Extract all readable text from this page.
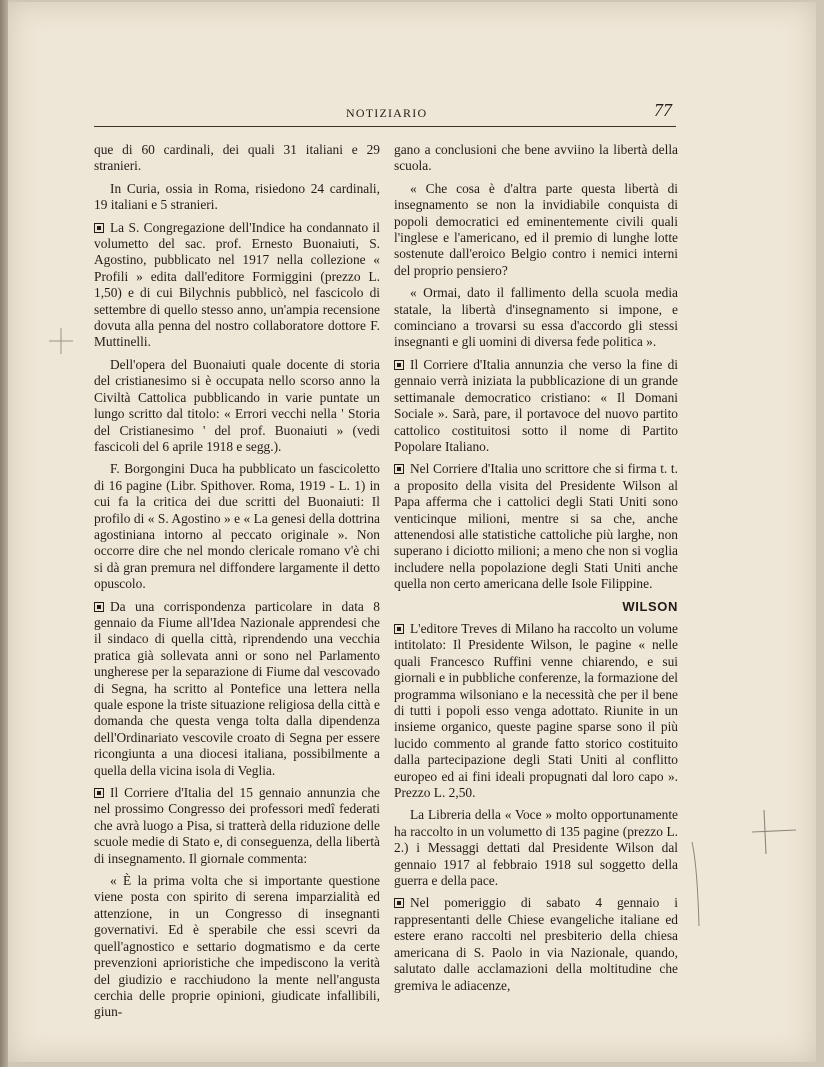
NOTIZIARIO	77

que di 60 cardinali, dei quali 31 italiani e 29 stranieri.

In Curia, ossia in Roma, risiedono 24 cardinali, 19 italiani e 5 stranieri.

La S. Congregazione dell'Indice ha condannato il volumetto del sac. prof. Ernesto Buonaiuti, S. Agostino, pubblicato nel 1917 nella collezione « Profili » edita dall'editore Formiggini (prezzo L. 1,50) e di cui Bilychnis pubblicò, nel fascicolo di settembre di quello stesso anno, un'ampia recensione dovuta alla penna del nostro collaboratore dottore F. Muttinelli.

Dell'opera del Buonaiuti quale docente di storia del cristianesimo si è occupata nello scorso anno la Civiltà Cattolica pubblicando in varie puntate un lungo scritto dal titolo: « Errori vecchi nella ' Storia del Cristianesimo ' del prof. Buonaiuti » (vedi fascicoli del 6 aprile 1918 e segg.).

F. Borgongini Duca ha pubblicato un fascicoletto di 16 pagine (Libr. Spithover. Roma, 1919 - L. 1) in cui fa la critica dei due scritti del Buonaiuti: Il profilo di « S. Agostino » e « La genesi della dottrina agostiniana intorno al peccato originale ». Non occorre dire che nel mondo clericale romano v'è chi si dà gran premura nel diffondere largamente il detto opuscolo.

Da una corrispondenza particolare in data 8 gennaio da Fiume all'Idea Nazionale apprendesi che il sindaco di quella città, riprendendo una vecchia pratica già sollevata anni or sono nel Parlamento ungherese per la separazione di Fiume dal vescovado di Segna, ha scritto al Pontefice una lettera nella quale espone la triste situazione religiosa della città e domanda che questa venga tolta dalla dipendenza dell'Ordinariato vescovile croato di Segna per essere ricongiunta a una diocesi italiana, possibilmente a quella della vicina isola di Veglia.

Il Corriere d'Italia del 15 gennaio annunzia che nel prossimo Congresso dei professori medî federati che avrà luogo a Pisa, si tratterà della riduzione delle scuole medie di Stato e, di conseguenza, della libertà di insegnamento. Il giornale commenta:

« È la prima volta che si importante questione viene posta con spirito di serena imparzialità ed attenzione, in un Congresso di insegnanti governativi. Ed è sperabile che essi scevri da quell'agnostico e settario dogmatismo e da certe prevenzioni aprioristiche che impediscono la verità del giudizio e racchiudono la mente nell'angusta cerchia delle proprie opinioni, giudicate infallibili, giun-

gano a conclusioni che bene avviino la libertà della scuola.

« Che cosa è d'altra parte questa libertà di insegnamento se non la invidiabile conquista di popoli democratici ed eminentemente civili quali l'inglese e l'americano, ed il premio di lunghe lotte sostenute dall'eroico Belgio contro i nemici interni del proprio pensiero?

« Ormai, dato il fallimento della scuola media statale, la libertà d'insegnamento si impone, e cominciano a trovarsi su essa d'accordo gli stessi insegnanti e gli uomini di diversa fede politica ».

Il Corriere d'Italia annunzia che verso la fine di gennaio verrà iniziata la pubblicazione di un grande settimanale democratico cristiano: « Il Domani Sociale ». Sarà, pare, il portavoce del nuovo partito cattolico costituitosi sotto il nome di Partito Popolare Italiano.

Nel Corriere d'Italia uno scrittore che si firma t. t. a proposito della visita del Presidente Wilson al Papa afferma che i cattolici degli Stati Uniti sono venticinque milioni, mentre si sa che, anche attenendosi alle statistiche cattoliche più larghe, non superano i diciotto milioni; a meno che non si voglia includere nella popolazione degli Stati Uniti anche quella non certo americana delle Isole Filippine.

WILSON

L'editore Treves di Milano ha raccolto un volume intitolato: Il Presidente Wilson, le pagine « nelle quali Francesco Ruffini venne chiarendo, e sui giornali e in pubbliche conferenze, la formazione del programma wilsoniano e la necessità che per il bene di tutti i popoli esso venga adottato. Riunite in un insieme organico, queste pagine sparse sono il più lucido commento al grande fatto storico costituito dalla partecipazione degli Stati Uniti al conflitto europeo ed ai fini ideali propugnati dal loro capo ». Prezzo L. 2,50.

La Libreria della « Voce » molto opportunamente ha raccolto in un volumetto di 135 pagine (prezzo L. 2.) i Messaggi dettati dal Presidente Wilson dal gennaio 1917 al febbraio 1918 sul soggetto della guerra e della pace.

Nel pomeriggio di sabato 4 gennaio i rappresentanti delle Chiese evangeliche italiane ed estere erano raccolti nel presbiterio della chiesa americana di S. Paolo in via Nazionale, quando, salutato dalle acclamazioni della moltitudine che gremiva le adiacenze,
